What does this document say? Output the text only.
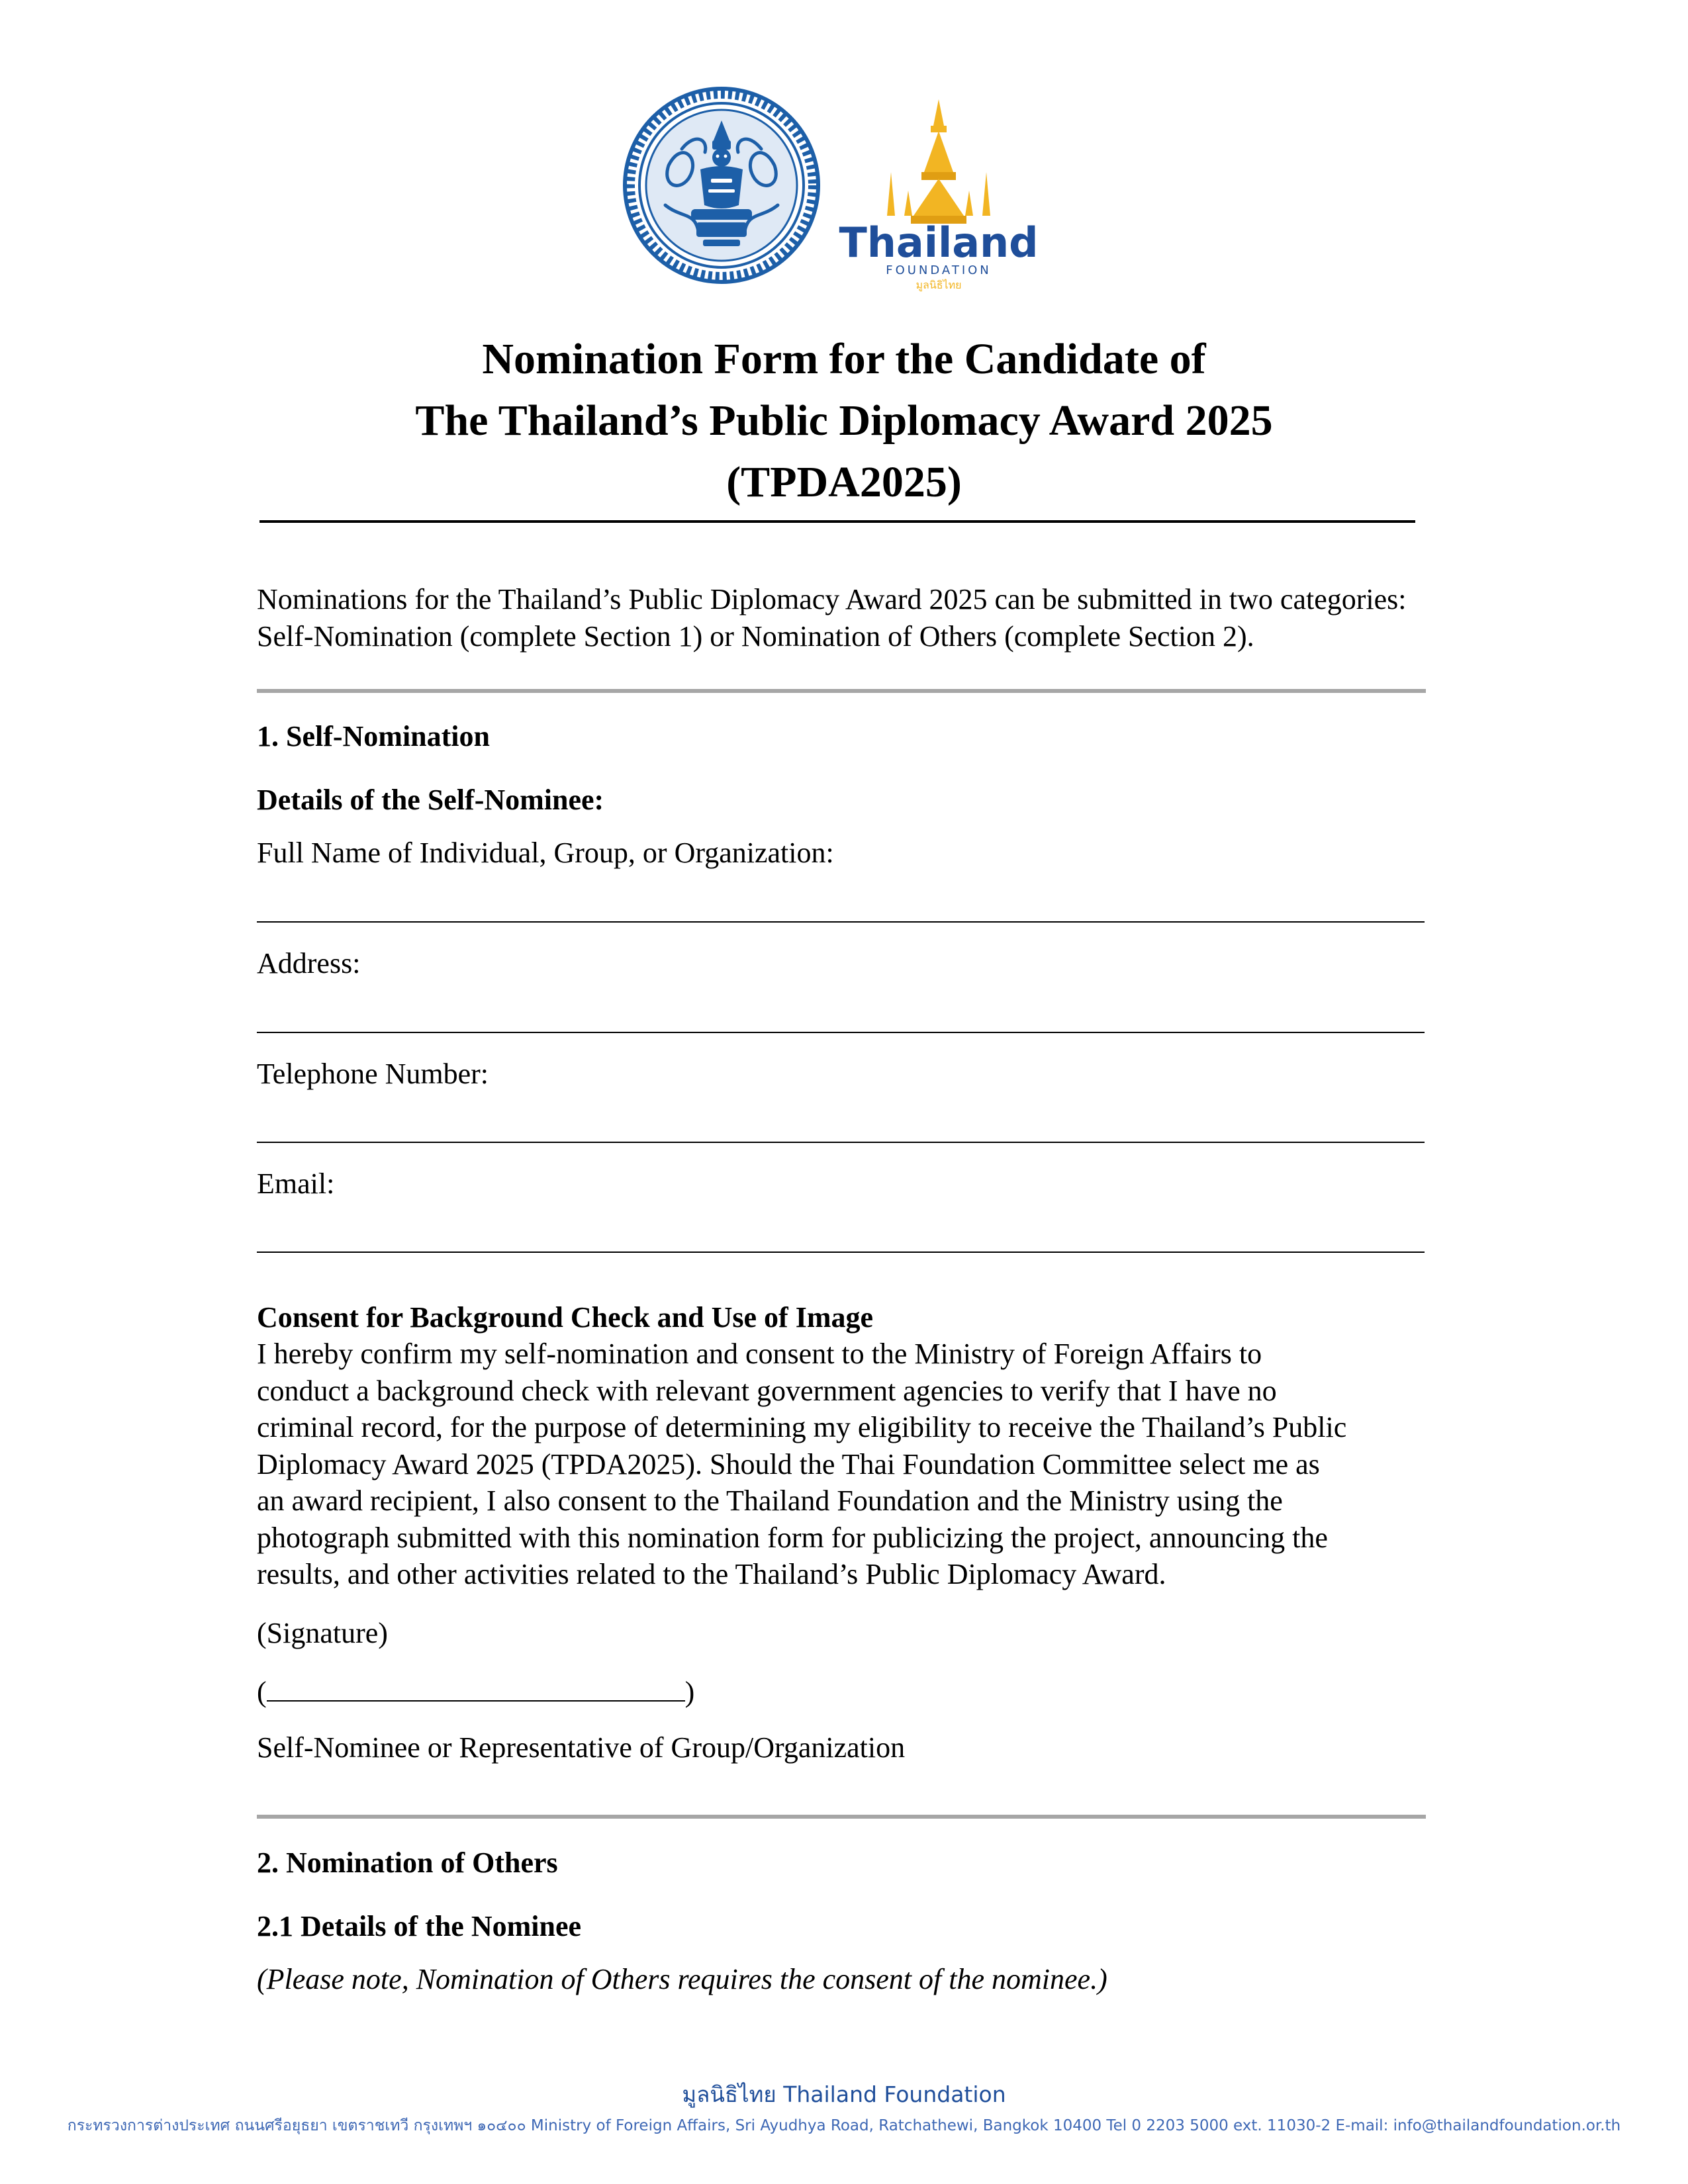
Thailand
FOUNDATION
มูลนิธิไทย
Nomination Form for the Candidate of
The Thailand’s Public Diplomacy Award 2025
(TPDA2025)
Nominations for the Thailand’s Public Diplomacy Award 2025 can be submitted in two categories:
Self-Nomination (complete Section 1) or Nomination of Others (complete Section 2).
1. Self-Nomination
Details of the Self-Nominee:
Full Name of Individual, Group, or Organization:
Address:
Telephone Number:
Email:
Consent for Background Check and Use of Image
I hereby confirm my self-nomination and consent to the Ministry of Foreign Affairs to
conduct a background check with relevant government agencies to verify that I have no
criminal record, for the purpose of determining my eligibility to receive the Thailand’s Public
Diplomacy Award 2025 (TPDA2025). Should the Thai Foundation Committee select me as
an award recipient, I also consent to the Thailand Foundation and the Ministry using the
photograph submitted with this nomination form for publicizing the project, announcing the
results, and other activities related to the Thailand’s Public Diplomacy Award.
(Signature)
(	)
Self-Nominee or Representative of Group/Organization
2. Nomination of Others
2.1 Details of the Nominee
(Please note, Nomination of Others requires the consent of the nominee.)
มูลนิธิไทย Thailand Foundation
กระทรวงการต่างประเทศ ถนนศรีอยุธยา เขตราชเทวี กรุงเทพฯ ๑๐๔๐๐ Ministry of Foreign Affairs, Sri Ayudhya Road, Ratchathewi, Bangkok 10400 Tel 0 2203 5000 ext. 11030-2 E-mail: info@thailandfoundation.or.th
